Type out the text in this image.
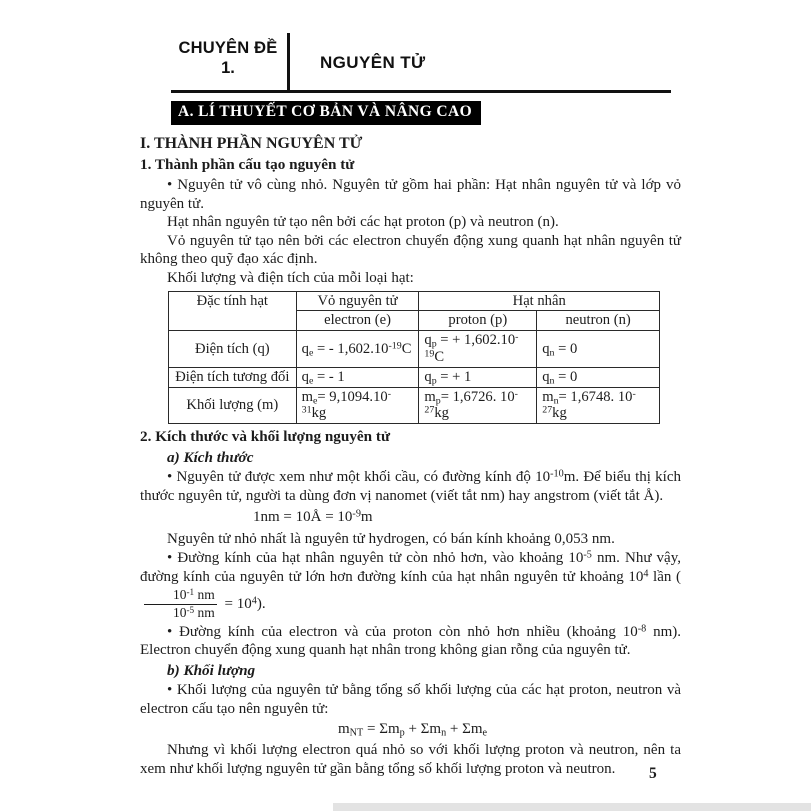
CHUYÊN ĐỀ
1.	NGUYÊN TỬ
A. LÍ THUYẾT CƠ BẢN VÀ NÂNG CAO
I. THÀNH PHẦN NGUYÊN TỬ
1. Thành phần cấu tạo nguyên tử

• Nguyên tử vô cùng nhỏ. Nguyên tử gồm hai phần: Hạt nhân nguyên tử và lớp vỏ nguyên tử.

Hạt nhân nguyên tử tạo nên bởi các hạt proton (p) và neutron (n).

Vỏ nguyên tử tạo nên bởi các electron chuyển động xung quanh hạt nhân nguyên tử không theo quỹ đạo xác định.

Khối lượng và điện tích của mỗi loại hạt:

Đặc tính hạt	Vỏ nguyên tử	Hạt nhân	
	electron (e)	proton (p)	neutron (n)
Điện tích (q)	$q_e$ = - $1,602.10^{-19}C$	$q_p$ = + $1,602.10^{-19}C$	$q_n = 0$
Điện tích tương đối	$q_e$ = - 1	$q_p$ = + 1	$q_n = 0$
Khối lượng (m)	$m_e= 9,1094.10^{-31}kg$	$m_p= 1,6726$. $10^{-27}kg$	$m_n= 1,6748$. $10^{-27}kg$
2. Kích thước và khối lượng nguyên tử
a) Kích thước

• Nguyên tử được xem như một khối cầu, có đường kính độ $10^{-10}m$. Để biểu thị kích thước nguyên tử, người ta dùng đơn vị nanomet (viết tắt nm) hay angstrom (viết tắt Å).

1nm = 10Å = $10^{-9}m$

Nguyên tử nhỏ nhất là nguyên tử hydrogen, có bán kính khoảng 0,053 nm.

• Đường kính của hạt nhân nguyên tử còn nhỏ hơn, vào khoảng $10^{-5}$ nm. Như vậy, đường kính của nguyên tử lớn hơn đường kính của hạt nhân nguyên tử khoảng $10^4$ lần (
$\frac{10^{-1} nm}{10^{-5} nm} = 10^4$).

• Đường kính của electron và của proton còn nhỏ hơn nhiều (khoảng $10^{-8}$ nm). Electron chuyển động xung quanh hạt nhân trong không gian rỗng của nguyên tử.

b) Khối lượng

• Khối lượng của nguyên tử bằng tổng số khối lượng của các hạt proton, neutron và electron cấu tạo nên nguyên tử:

$m_{NT} = \Sigma m_p + \Sigma m_n + \Sigma m_e$

Nhưng vì khối lượng electron quá nhỏ so với khối lượng proton và neutron, nên ta xem như khối lượng nguyên tử gần bằng tổng số khối lượng proton và neutron.	5
